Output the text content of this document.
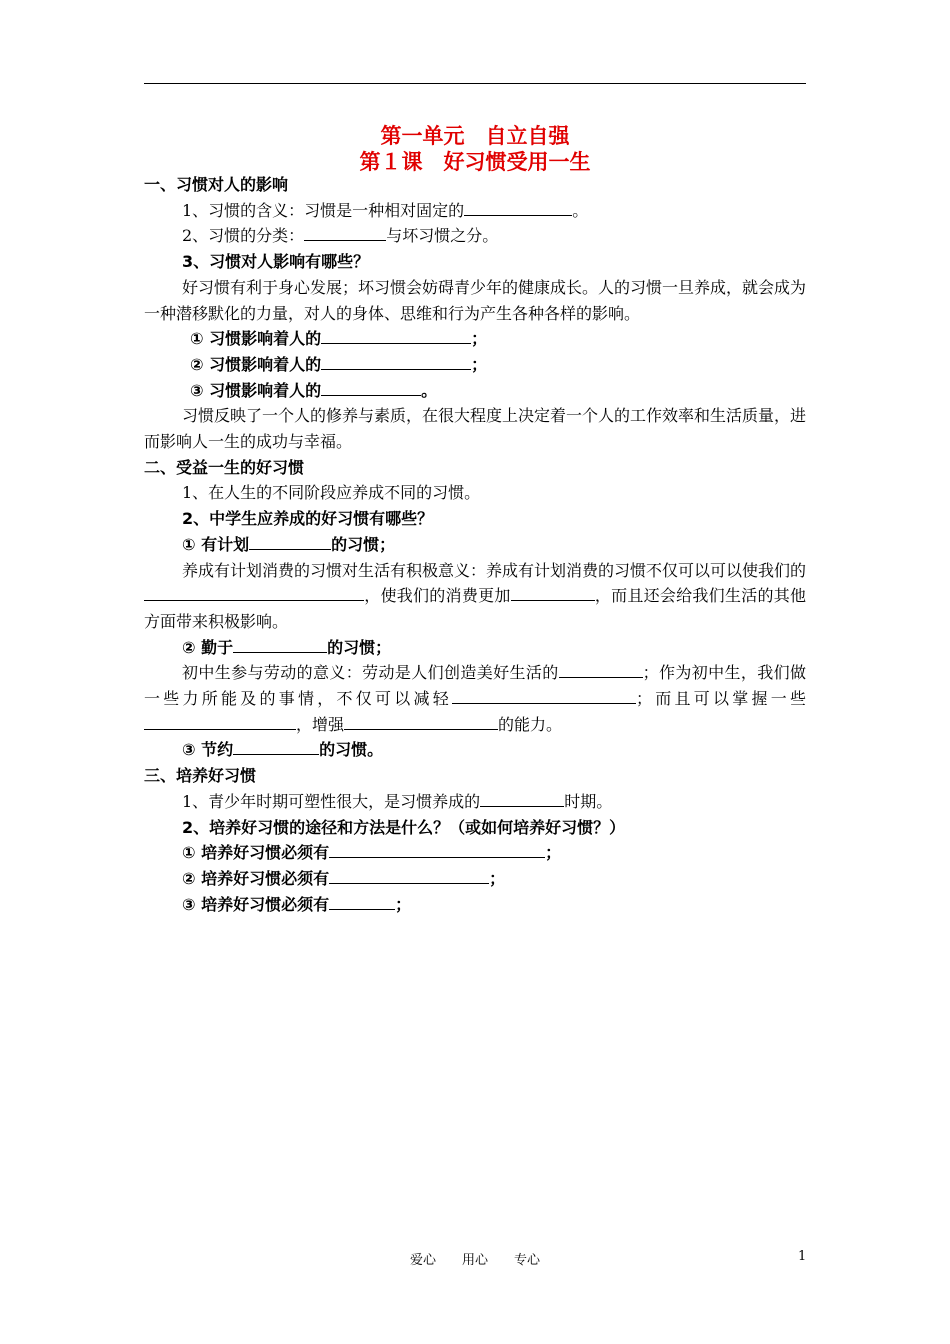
第一单元　自立自强
第１课　好习惯受用一生

一、习惯对人的影响

1、习惯的含义：习惯是一种相对固定的	。

2、习惯的分类：	与坏习惯之分。

3、习惯对人影响有哪些？

好习惯有利于身心发展；坏习惯会妨碍青少年的健康成长。人的习惯一旦养成，就会成为一种潜移默化的力量，对人的身体、思维和行为产生各种各样的影响。

① 习惯影响着人的	；

② 习惯影响着人的	；

③ 习惯影响着人的	。

习惯反映了一个人的修养与素质，在很大程度上决定着一个人的工作效率和生活质量，进而影响人一生的成功与幸福。

二、受益一生的好习惯

1、在人生的不同阶段应养成不同的习惯。

2、中学生应养成的好习惯有哪些？

① 有计划	的习惯；

养成有计划消费的习惯对生活有积极意义：养成有计划消费的习惯不仅可以可以使我们的，使我们的消费更加	，而且还会给我们生活的其他方面带来积极影响。

② 勤于	的习惯；

初中生参与劳动的意义：劳动是人们创造美好生活的	；作为初中生，我们做一些力所能及的事情，不仅可以减轻	；而且可以掌握一些，增强	的能力。

③ 节约	的习惯。

三、培养好习惯

1、青少年时期可塑性很大，是习惯养成的	时期。

2、培养好习惯的途径和方法是什么？（或如何培养好习惯？）

① 培养好习惯必须有	；

② 培养好习惯必须有	；

③ 培养好习惯必须有	；

爱心　　用心　　专心	1
